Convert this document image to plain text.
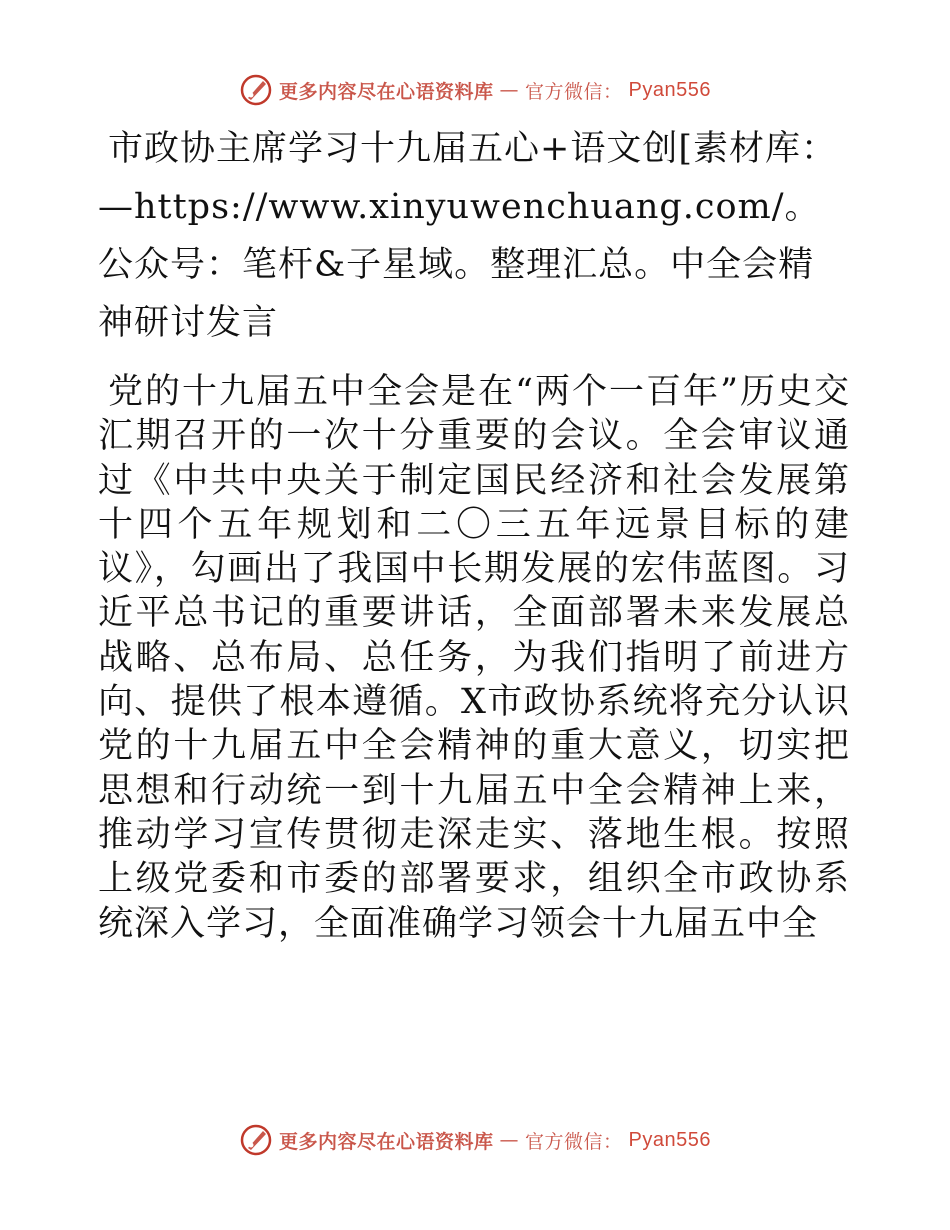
更多内容尽在心语资料库 — 官方微信： Pyan556
市政协主席学习十九届五心+语文创[素材库：—https://www.xinyuwenchuang.com/。公众号：笔杆&子星域。整理汇总。中全会精神研讨发言

党的十九届五中全会是在“两个一百年”历史交汇期召开的一次十分重要的会议。全会审议通过《中共中央关于制定国民经济和社会发展第十四个五年规划和二〇三五年远景目标的建议》，勾画出了我国中长期发展的宏伟蓝图。习近平总书记的重要讲话，全面部署未来发展总战略、总布局、总任务，为我们指明了前进方向、提供了根本遵循。X市政协系统将充分认识党的十九届五中全会精神的重大意义，切实把思想和行动统一到十九届五中全会精神上来，推动学习宣传贯彻走深走实、落地生根。按照上级党委和市委的部署要求，组织全市政协系统深入学习，全面准确学习领会十九届五中全

更多内容尽在心语资料库 — 官方微信： Pyan556
